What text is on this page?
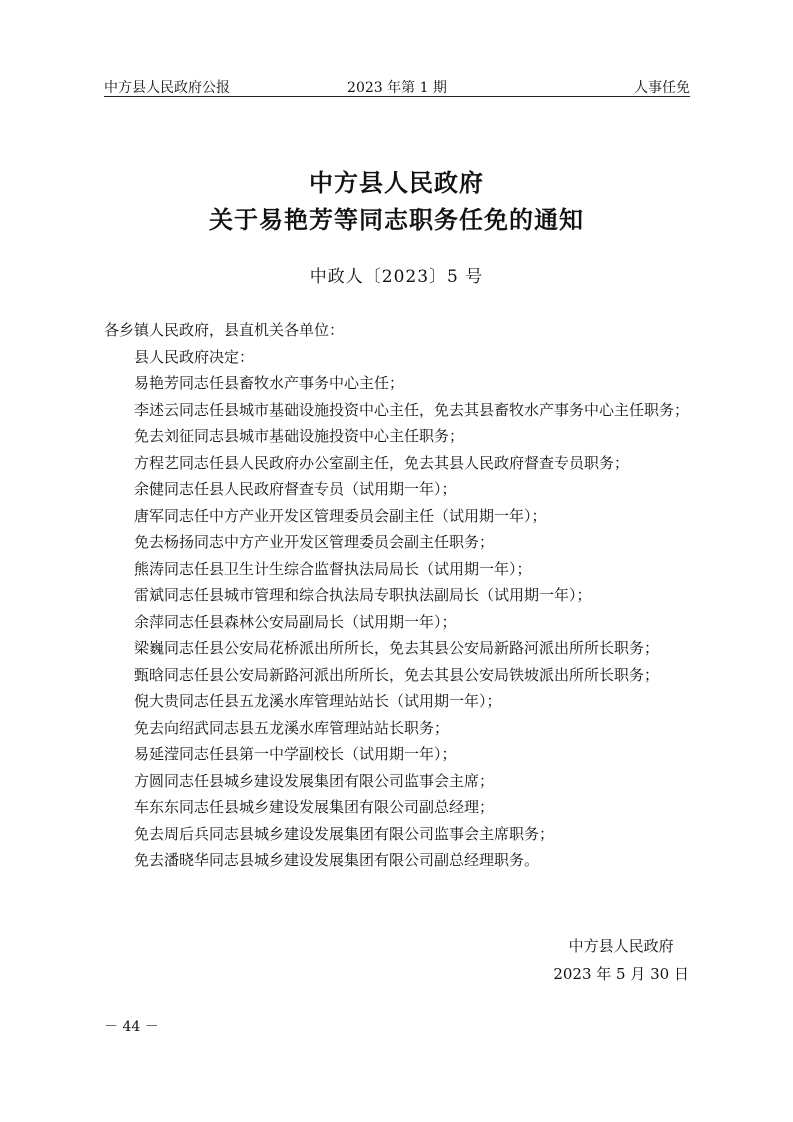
中方县人民政府公报	2023 年第 1 期	人事任免
中方县人民政府
关于易艳芳等同志职务任免的通知
中政人〔2023〕5 号
各乡镇人民政府，县直机关各单位：
县人民政府决定：
易艳芳同志任县畜牧水产事务中心主任；
李述云同志任县城市基础设施投资中心主任，免去其县畜牧水产事务中心主任职务；
免去刘征同志县城市基础设施投资中心主任职务；
方程艺同志任县人民政府办公室副主任，免去其县人民政府督查专员职务；
余健同志任县人民政府督查专员（试用期一年）；
唐军同志任中方产业开发区管理委员会副主任（试用期一年）；
免去杨扬同志中方产业开发区管理委员会副主任职务；
熊涛同志任县卫生计生综合监督执法局局长（试用期一年）；
雷斌同志任县城市管理和综合执法局专职执法副局长（试用期一年）；
余萍同志任县森林公安局副局长（试用期一年）；
梁巍同志任县公安局花桥派出所所长，免去其县公安局新路河派出所所长职务；
甄晗同志任县公安局新路河派出所所长，免去其县公安局铁坡派出所所长职务；
倪大贵同志任县五龙溪水库管理站站长（试用期一年）；
免去向绍武同志县五龙溪水库管理站站长职务；
易延滢同志任县第一中学副校长（试用期一年）；
方圆同志任县城乡建设发展集团有限公司监事会主席；
车东东同志任县城乡建设发展集团有限公司副总经理；
免去周后兵同志县城乡建设发展集团有限公司监事会主席职务；
免去潘晓华同志县城乡建设发展集团有限公司副总经理职务。
中方县人民政府
2023 年 5 月 30 日
－ 44 －
